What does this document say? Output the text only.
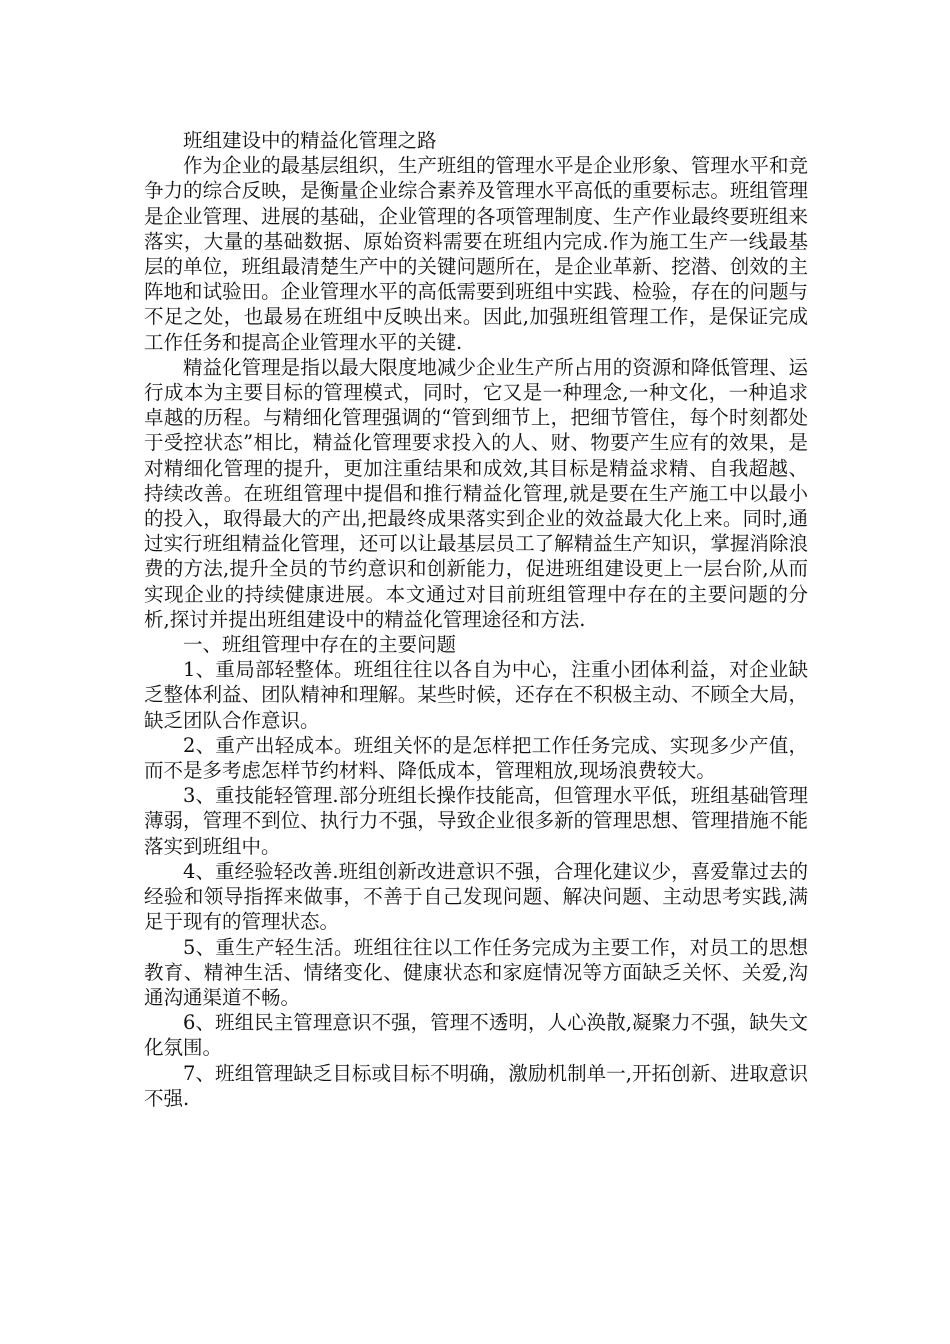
班组建设中的精益化管理之路

作为企业的最基层组织，生产班组的管理水平是企业形象、管理水平和竞争力的综合反映，是衡量企业综合素养及管理水平高低的重要标志。班组管理是企业管理、进展的基础，企业管理的各项管理制度、生产作业最终要班组来落实，大量的基础数据、原始资料需要在班组内完成.作为施工生产一线最基层的单位，班组最清楚生产中的关键问题所在，是企业革新、挖潜、创效的主阵地和试验田。企业管理水平的高低需要到班组中实践、检验，存在的问题与不足之处，也最易在班组中反映出来。因此,加强班组管理工作，是保证完成工作任务和提高企业管理水平的关键.

精益化管理是指以最大限度地减少企业生产所占用的资源和降低管理、运行成本为主要目标的管理模式，同时，它又是一种理念,一种文化，一种追求卓越的历程。与精细化管理强调的“管到细节上，把细节管住，每个时刻都处于受控状态”相比，精益化管理要求投入的人、财、物要产生应有的效果，是对精细化管理的提升，更加注重结果和成效,其目标是精益求精、自我超越、持续改善。在班组管理中提倡和推行精益化管理,就是要在生产施工中以最小的投入，取得最大的产出,把最终成果落实到企业的效益最大化上来。同时,通过实行班组精益化管理，还可以让最基层员工了解精益生产知识，掌握消除浪费的方法,提升全员的节约意识和创新能力，促进班组建设更上一层台阶,从而实现企业的持续健康进展。本文通过对目前班组管理中存在的主要问题的分析,探讨并提出班组建设中的精益化管理途径和方法.

一、班组管理中存在的主要问题

1、重局部轻整体。班组往往以各自为中心，注重小团体利益，对企业缺乏整体利益、团队精神和理解。某些时候，还存在不积极主动、不顾全大局，缺乏团队合作意识。

2、重产出轻成本。班组关怀的是怎样把工作任务完成、实现多少产值，而不是多考虑怎样节约材料、降低成本，管理粗放,现场浪费较大。

3、重技能轻管理.部分班组长操作技能高，但管理水平低，班组基础管理薄弱，管理不到位、执行力不强，导致企业很多新的管理思想、管理措施不能落实到班组中。

4、重经验轻改善.班组创新改进意识不强，合理化建议少，喜爱靠过去的经验和领导指挥来做事，不善于自己发现问题、解决问题、主动思考实践,满足于现有的管理状态。

5、重生产轻生活。班组往往以工作任务完成为主要工作，对员工的思想教育、精神生活、情绪变化、健康状态和家庭情况等方面缺乏关怀、关爱,沟通沟通渠道不畅。

6、班组民主管理意识不强，管理不透明，人心涣散,凝聚力不强，缺失文化氛围。

7、班组管理缺乏目标或目标不明确，激励机制单一,开拓创新、进取意识不强.
